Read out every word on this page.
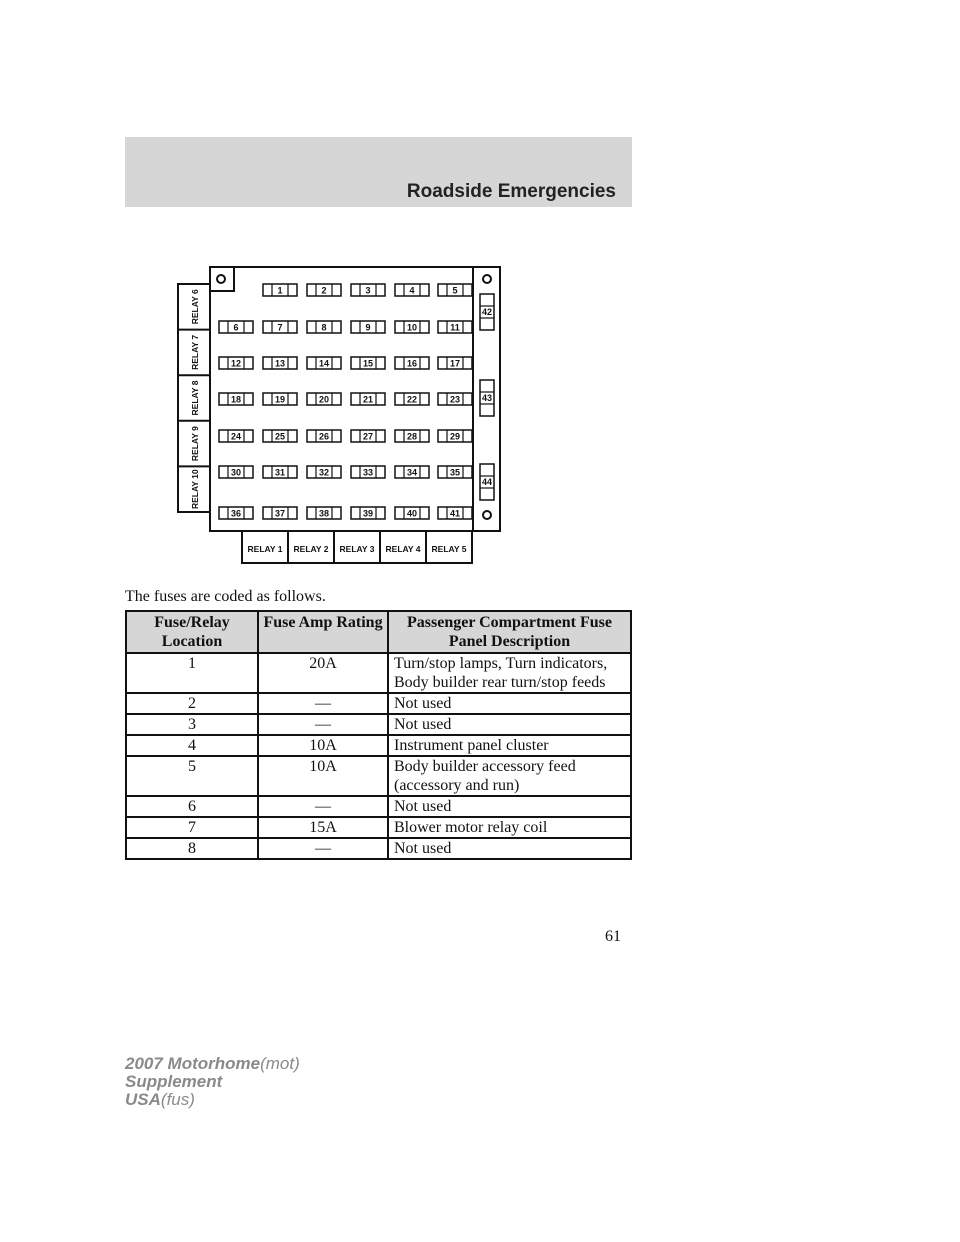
Roadside Emergencies
1	2	3	4	5
6	7	8	9	10	11
12	13	14	15	16	17
18	19	20	21	22	23
24	25	26	27	28	29
30	31	32	33	34	35
36	37	38	39	40	41
42
43
44
RELAY 6
RELAY 7
RELAY 8
RELAY 9
RELAY 10
RELAY 1 RELAY 2 RELAY 3 RELAY 4 RELAY 5
The fuses are coded as follows.
Fuse/Relay Location	Fuse Amp Rating	Passenger Compartment Fuse Panel Description
1	20A	Turn/stop lamps, Turn indicators, Body builder rear turn/stop feeds
2	—	Not used
3	—	Not used
4	10A	Instrument panel cluster
5	10A	Body builder accessory feed (accessory and run)
6	—	Not used
7	15A	Blower motor relay coil
8	—	Not used
61
2007 Motorhome(mot)
Supplement
USA(fus)
